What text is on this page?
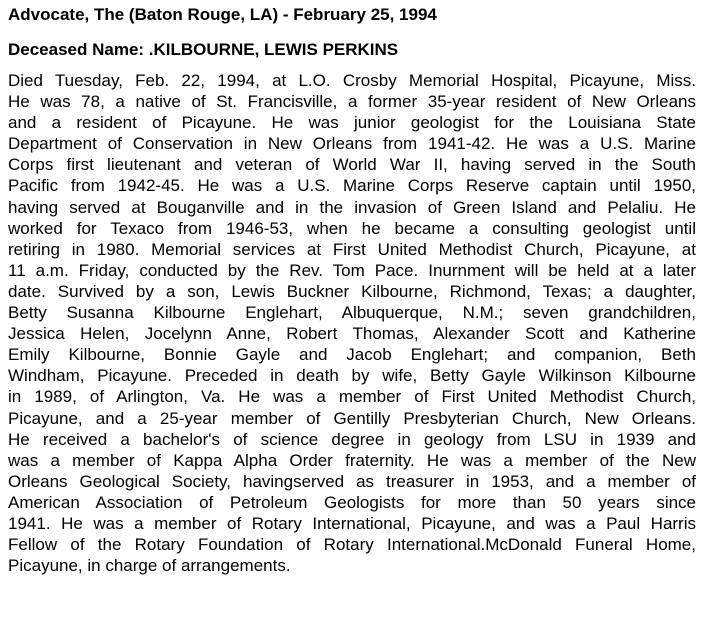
Advocate, The (Baton Rouge, LA) - February 25, 1994
Deceased Name: .KILBOURNE, LEWIS PERKINS
Died Tuesday, Feb. 22, 1994, at L.O. Crosby Memorial Hospital, Picayune, Miss.
He was 78, a native of St. Francisville, a former 35-year resident of New Orleans
and a resident of Picayune. He was junior geologist for the Louisiana State
Department of Conservation in New Orleans from 1941-42. He was a U.S. Marine
Corps first lieutenant and veteran of World War II, having served in the South
Pacific from 1942-45. He was a U.S. Marine Corps Reserve captain until 1950,
having served at Bouganville and in the invasion of Green Island and Pelaliu. He
worked for Texaco from 1946-53, when he became a consulting geologist until
retiring in 1980. Memorial services at First United Methodist Church, Picayune, at
11 a.m. Friday, conducted by the Rev. Tom Pace. Inurnment will be held at a later
date. Survived by a son, Lewis Buckner Kilbourne, Richmond, Texas; a daughter,
Betty Susanna Kilbourne Englehart, Albuquerque, N.M.; seven grandchildren,
Jessica Helen, Jocelynn Anne, Robert Thomas, Alexander Scott and Katherine
Emily Kilbourne, Bonnie Gayle and Jacob Englehart; and companion, Beth
Windham, Picayune. Preceded in death by wife, Betty Gayle Wilkinson Kilbourne
in 1989, of Arlington, Va. He was a member of First United Methodist Church,
Picayune, and a 25-year member of Gentilly Presbyterian Church, New Orleans.
He received a bachelor's of science degree in geology from LSU in 1939 and
was a member of Kappa Alpha Order fraternity. He was a member of the New
Orleans Geological Society, havingserved as treasurer in 1953, and a member of
American Association of Petroleum Geologists for more than 50 years since
1941. He was a member of Rotary International, Picayune, and was a Paul Harris
Fellow of the Rotary Foundation of Rotary International.McDonald Funeral Home,
Picayune, in charge of arrangements.
